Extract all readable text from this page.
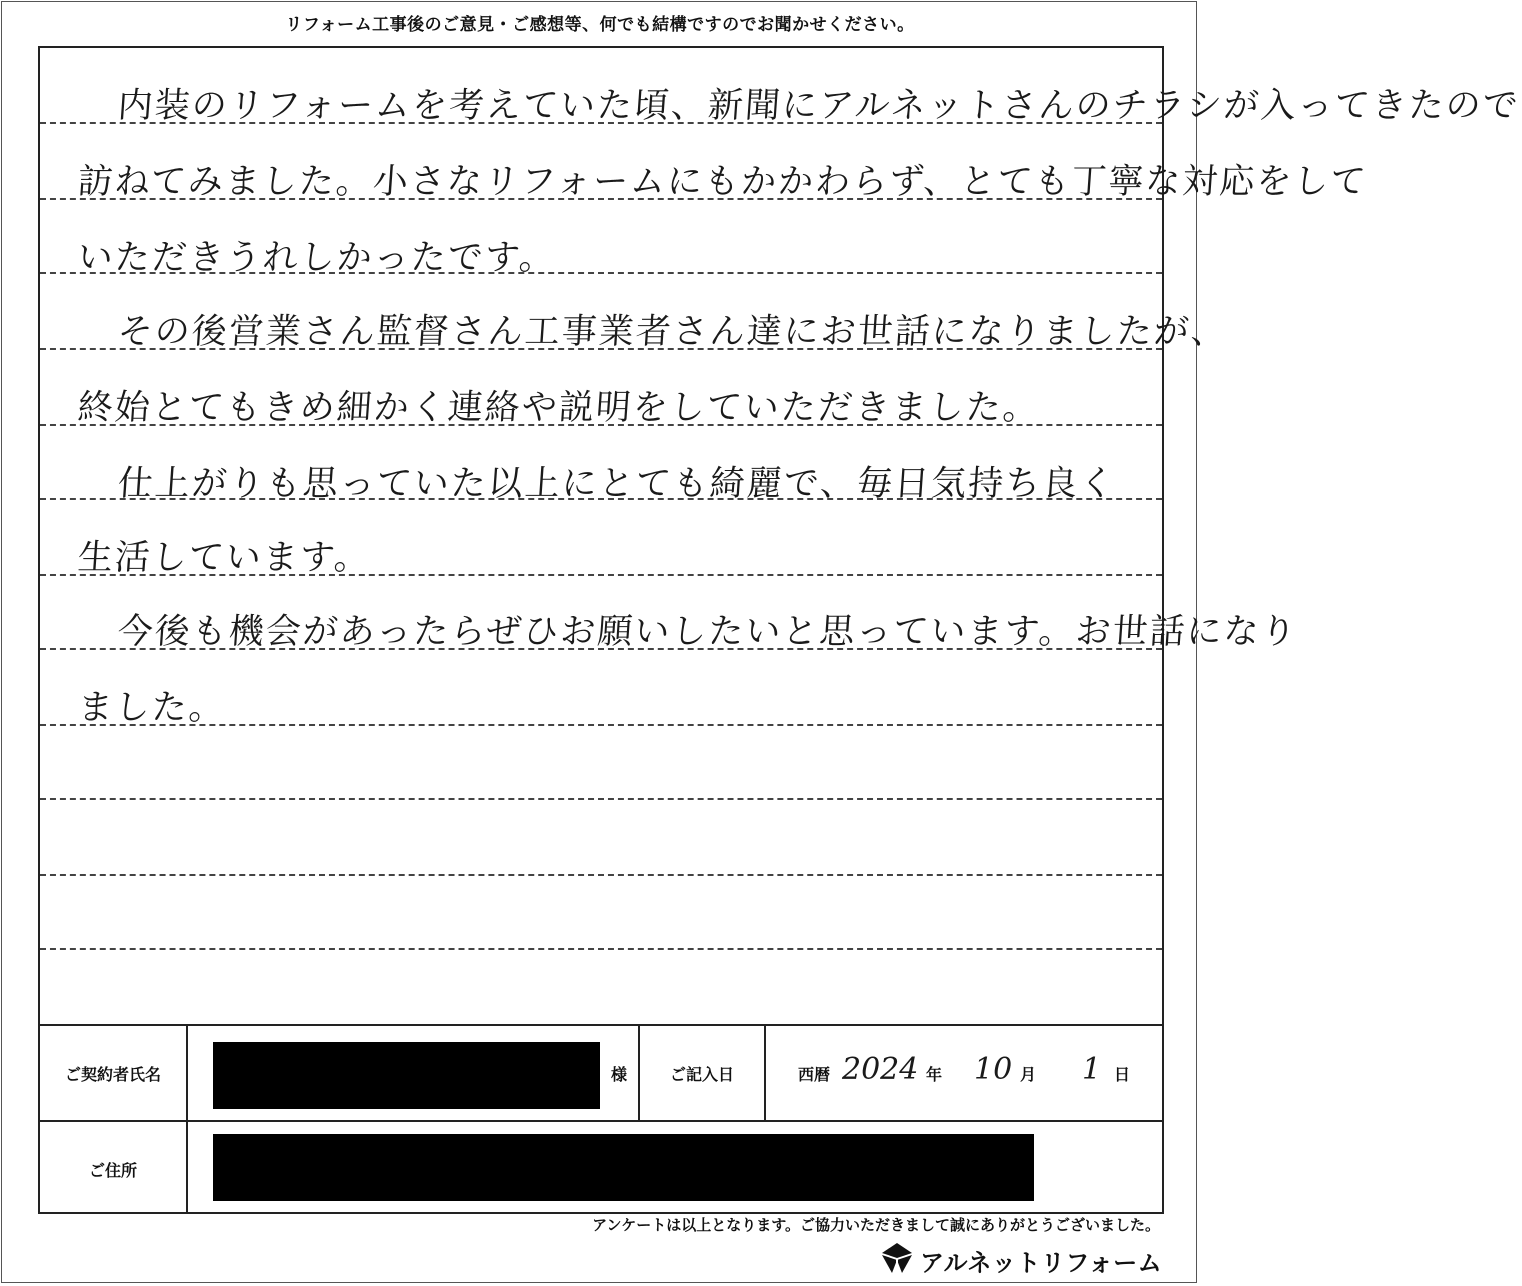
リフォーム工事後のご意見・ご感想等、何でも結構ですのでお聞かせください。
内装のリフォームを考えていた頃、新聞にアルネットさんのチラシが入ってきたので
訪ねてみました。小さなリフォームにもかかわらず、とても丁寧な対応をして
いただきうれしかったです。
その後営業さん監督さん工事業者さん達にお世話になりましたが、
終始とてもきめ細かく連絡や説明をしていただきました。
仕上がりも思っていた以上にとても綺麗で、毎日気持ち良く
生活しています。
今後も機会があったらぜひお願いしたいと思っています。お世話になり
ました。
ご契約者氏名	様	ご記入日	西暦 2024 年 10 月 1 日
ご住所
アンケートは以上となります。ご協力いただきまして誠にありがとうございました。
アルネットリフォーム
